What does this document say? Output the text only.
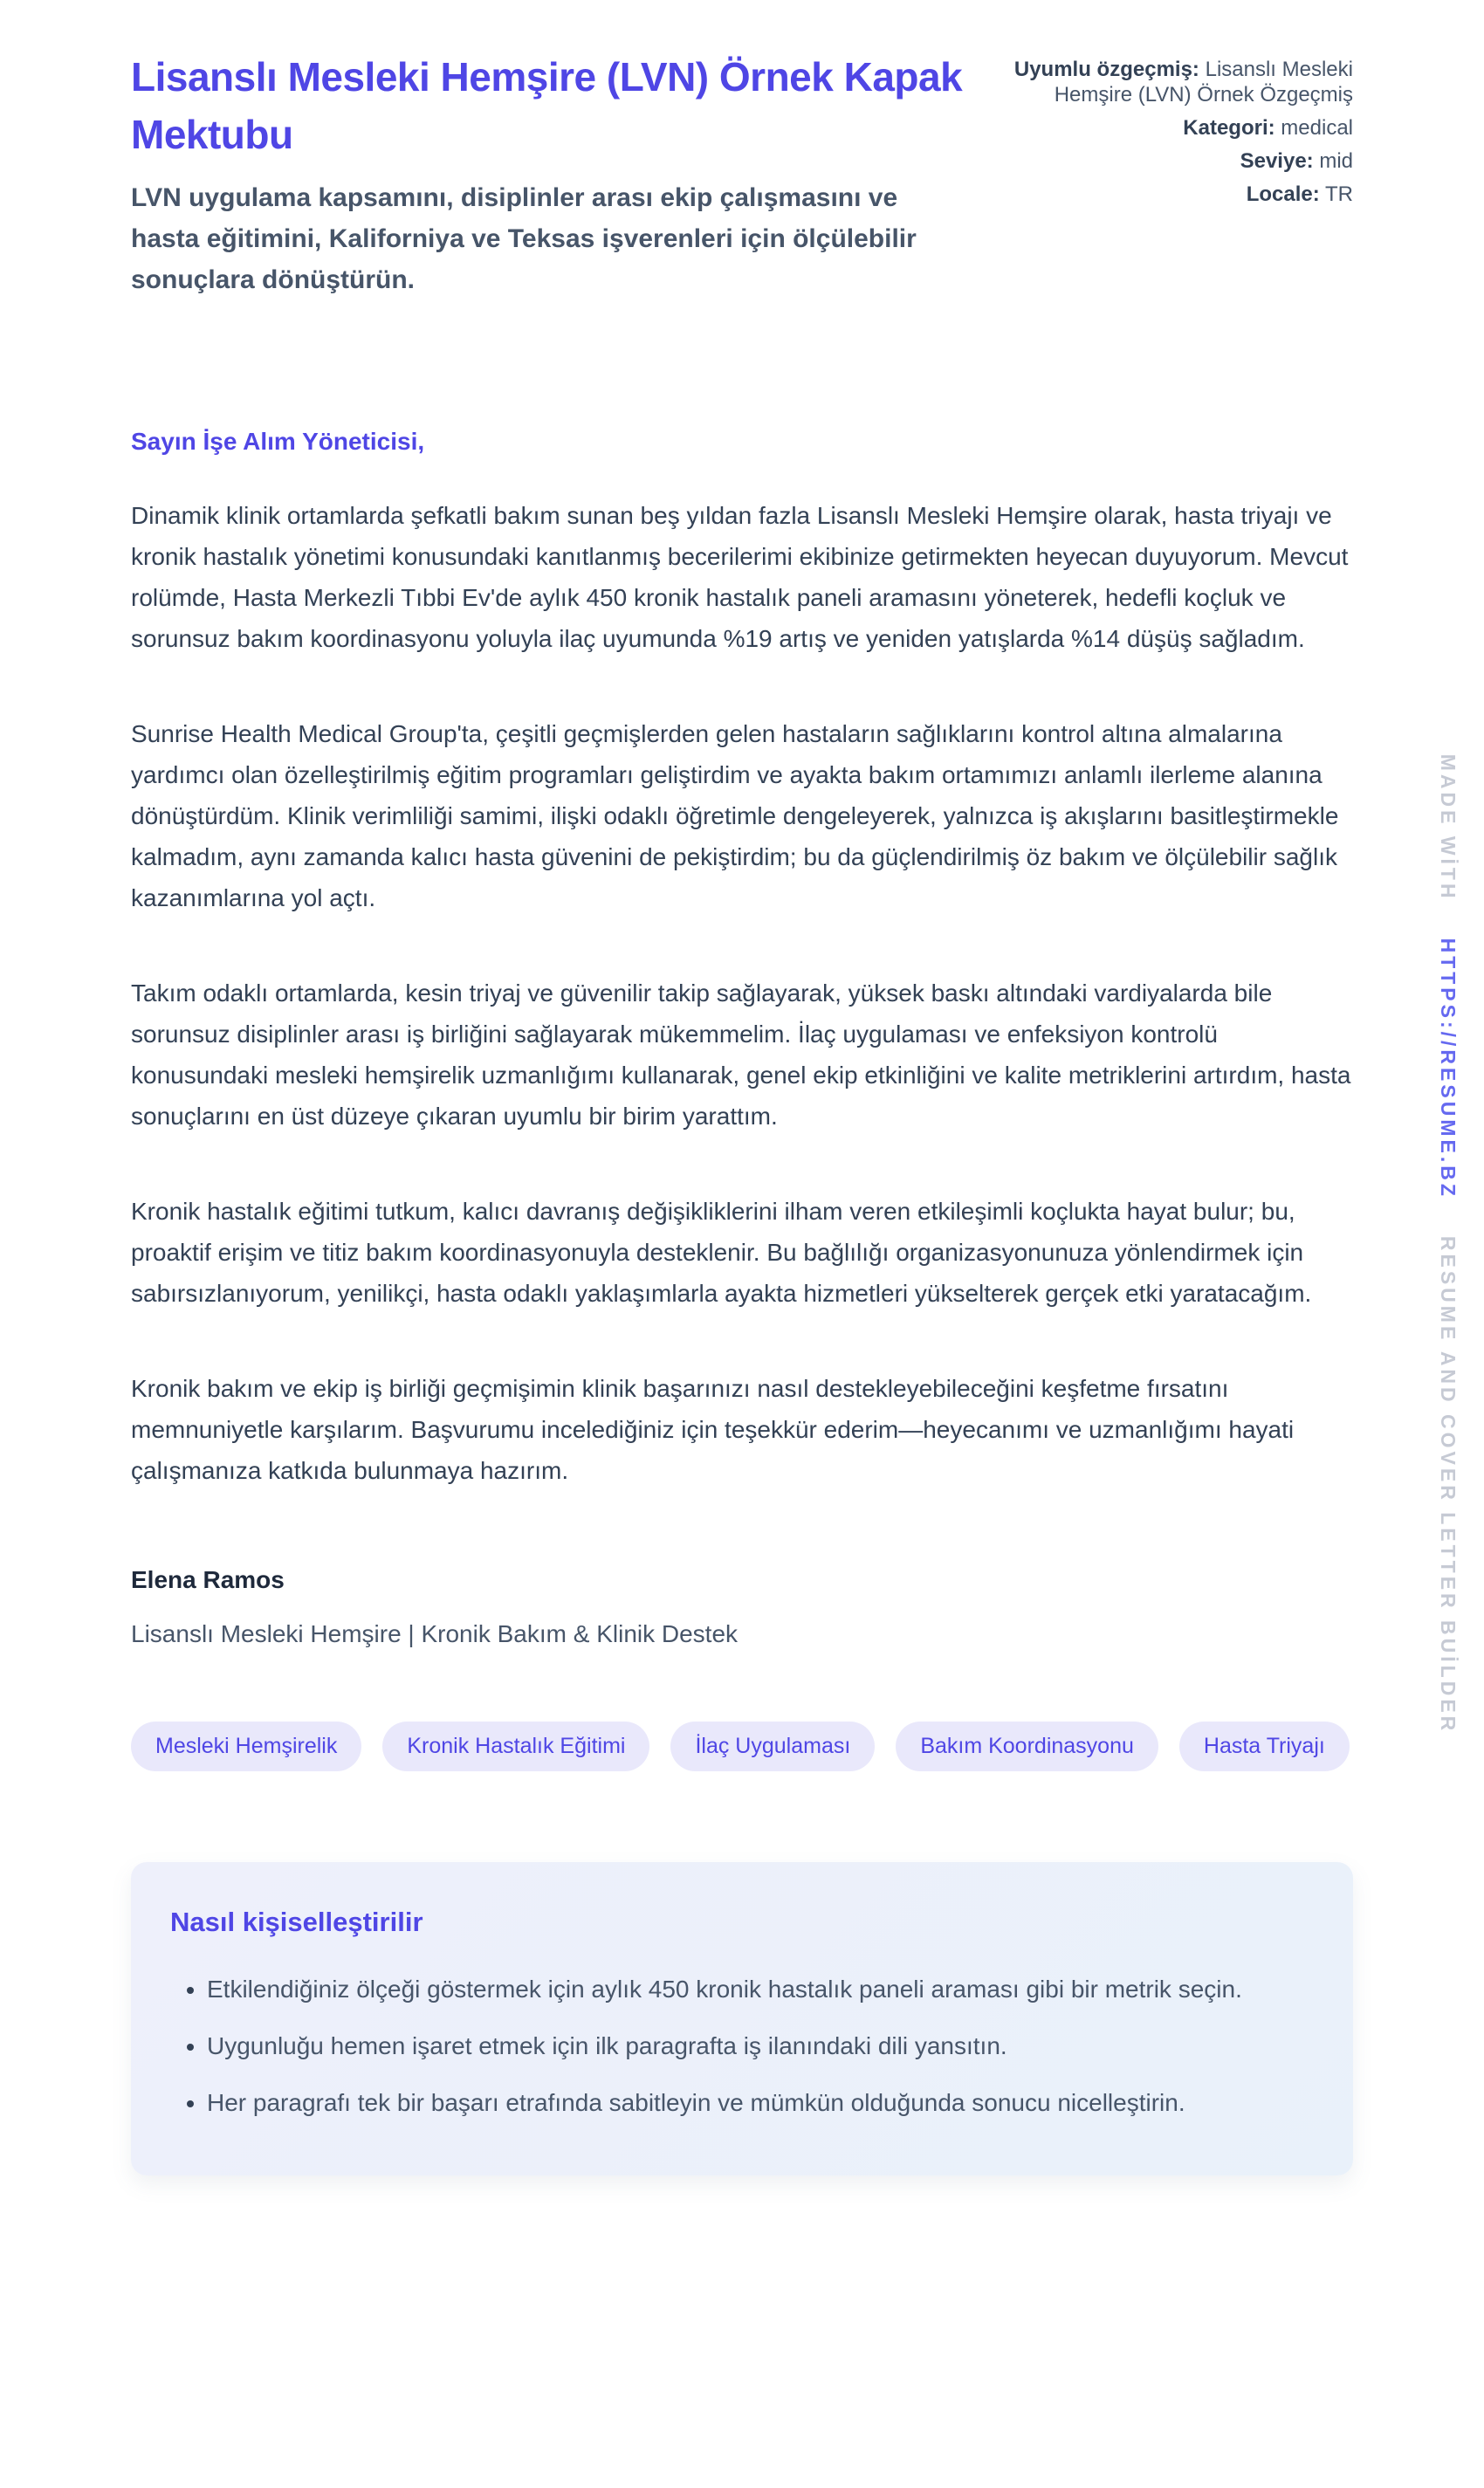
Lisanslı Mesleki Hemşire (LVN) Örnek Kapak Mektubu

LVN uygulama kapsamını, disiplinler arası ekip çalışmasını ve hasta eğitimini, Kaliforniya ve Teksas işverenleri için ölçülebilir sonuçlara dönüştürün.

Uyumlu özgeçmiş: Lisanslı Mesleki Hemşire (LVN) Örnek Özgeçmiş
Kategori: medical
Seviye: mid
Locale: TR
Sayın İşe Alım Yöneticisi,

Dinamik klinik ortamlarda şefkatli bakım sunan beş yıldan fazla Lisanslı Mesleki Hemşire olarak, hasta triyajı ve kronik hastalık yönetimi konusundaki kanıtlanmış becerilerimi ekibinize getirmekten heyecan duyuyorum. Mevcut rolümde, Hasta Merkezli Tıbbi Ev'de aylık 450 kronik hastalık paneli aramasını yöneterek, hedefli koçluk ve sorunsuz bakım koordinasyonu yoluyla ilaç uyumunda %19 artış ve yeniden yatışlarda %14 düşüş sağladım.

Sunrise Health Medical Group'ta, çeşitli geçmişlerden gelen hastaların sağlıklarını kontrol altına almalarına yardımcı olan özelleştirilmiş eğitim programları geliştirdim ve ayakta bakım ortamımızı anlamlı ilerleme alanına dönüştürdüm. Klinik verimliliği samimi, ilişki odaklı öğretimle dengeleyerek, yalnızca iş akışlarını basitleştirmekle kalmadım, aynı zamanda kalıcı hasta güvenini de pekiştirdim; bu da güçlendirilmiş öz bakım ve ölçülebilir sağlık kazanımlarına yol açtı.

Takım odaklı ortamlarda, kesin triyaj ve güvenilir takip sağlayarak, yüksek baskı altındaki vardiyalarda bile sorunsuz disiplinler arası iş birliğini sağlayarak mükemmelim. İlaç uygulaması ve enfeksiyon kontrolü konusundaki mesleki hemşirelik uzmanlığımı kullanarak, genel ekip etkinliğini ve kalite metriklerini artırdım, hasta sonuçlarını en üst düzeye çıkaran uyumlu bir birim yarattım.

Kronik hastalık eğitimi tutkum, kalıcı davranış değişikliklerini ilham veren etkileşimli koçlukta hayat bulur; bu, proaktif erişim ve titiz bakım koordinasyonuyla desteklenir. Bu bağlılığı organizasyonunuza yönlendirmek için sabırsızlanıyorum, yenilikçi, hasta odaklı yaklaşımlarla ayakta hizmetleri yükselterek gerçek etki yaratacağım.

Kronik bakım ve ekip iş birliği geçmişimin klinik başarınızı nasıl destekleyebileceğini keşfetme fırsatını memnuniyetle karşılarım. Başvurumu incelediğiniz için teşekkür ederim—heyecanımı ve uzmanlığımı hayati çalışmanıza katkıda bulunmaya hazırım.

Elena Ramos
Lisanslı Mesleki Hemşire | Kronik Bakım & Klinik Destek
Mesleki Hemşirelik	Kronik Hastalık Eğitimi	İlaç Uygulaması	Bakım Koordinasyonu	Hasta Triyajı
Nasıl kişiselleştirilir
• Etkilendiğiniz ölçeği göstermek için aylık 450 kronik hastalık paneli araması gibi bir metrik seçin.
• Uygunluğu hemen işaret etmek için ilk paragrafta iş ilanındaki dili yansıtın.
• Her paragrafı tek bir başarı etrafında sabitleyin ve mümkün olduğunda sonucu nicelleştirin.
MADE WİTHHTTPS://RESUME.BZRESUME AND COVER LETTER BUİLDER
